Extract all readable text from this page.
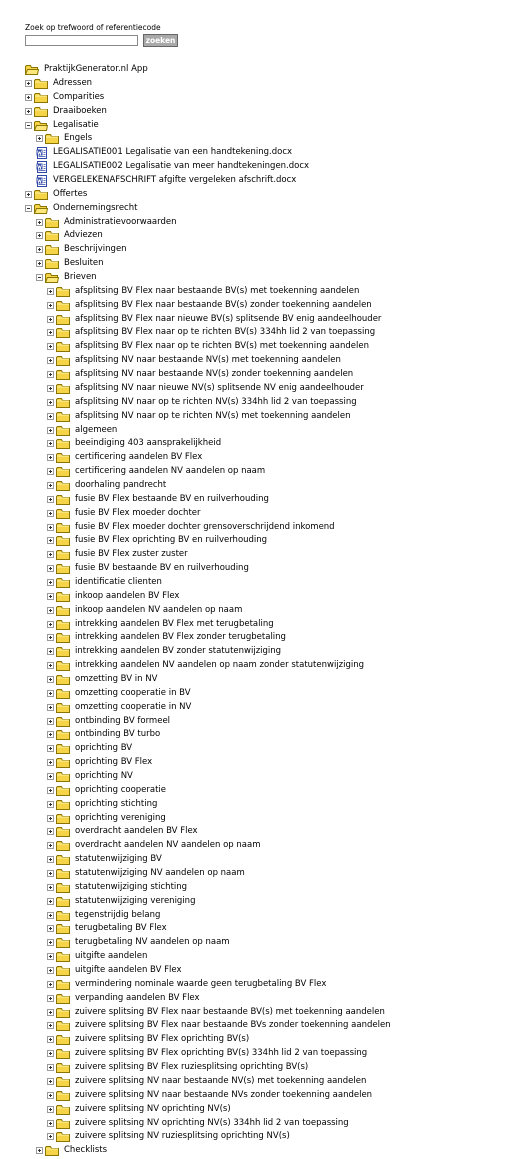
Zoek op trefwoord of referentiecode
zoeken
PraktijkGenerator.nl App
Adressen
Comparities
Draaiboeken
Legalisatie
Engels
LEGALISATIE001 Legalisatie van een handtekening.docx
LEGALISATIE002 Legalisatie van meer handtekeningen.docx
VERGELEKENAFSCHRIFT afgifte vergeleken afschrift.docx
Offertes
Ondernemingsrecht
Administratievoorwaarden
Adviezen
Beschrijvingen
Besluiten
Brieven
afsplitsing BV Flex naar bestaande BV(s) met toekenning aandelen
afsplitsing BV Flex naar bestaande BV(s) zonder toekenning aandelen
afsplitsing BV Flex naar nieuwe BV(s) splitsende BV enig aandeelhouder
afsplitsing BV Flex naar op te richten BV(s) 334hh lid 2 van toepassing
afsplitsing BV Flex naar op te richten BV(s) met toekenning aandelen
afsplitsing NV naar bestaande NV(s) met toekenning aandelen
afsplitsing NV naar bestaande NV(s) zonder toekenning aandelen
afsplitsing NV naar nieuwe NV(s) splitsende NV enig aandeelhouder
afsplitsing NV naar op te richten NV(s) 334hh lid 2 van toepassing
afsplitsing NV naar op te richten NV(s) met toekenning aandelen
algemeen
beeindiging 403 aansprakelijkheid
certificering aandelen BV Flex
certificering aandelen NV aandelen op naam
doorhaling pandrecht
fusie BV Flex bestaande BV en ruilverhouding
fusie BV Flex moeder dochter
fusie BV Flex moeder dochter grensoverschrijdend inkomend
fusie BV Flex oprichting BV en ruilverhouding
fusie BV Flex zuster zuster
fusie BV bestaande BV en ruilverhouding
identificatie clienten
inkoop aandelen BV Flex
inkoop aandelen NV aandelen op naam
intrekking aandelen BV Flex met terugbetaling
intrekking aandelen BV Flex zonder terugbetaling
intrekking aandelen BV zonder statutenwijziging
intrekking aandelen NV aandelen op naam zonder statutenwijziging
omzetting BV in NV
omzetting cooperatie in BV
omzetting cooperatie in NV
ontbinding BV formeel
ontbinding BV turbo
oprichting BV
oprichting BV Flex
oprichting NV
oprichting cooperatie
oprichting stichting
oprichting vereniging
overdracht aandelen BV Flex
overdracht aandelen NV aandelen op naam
statutenwijziging BV
statutenwijziging NV aandelen op naam
statutenwijziging stichting
statutenwijziging vereniging
tegenstrijdig belang
terugbetaling BV Flex
terugbetaling NV aandelen op naam
uitgifte aandelen
uitgifte aandelen BV Flex
vermindering nominale waarde geen terugbetaling BV Flex
verpanding aandelen BV Flex
zuivere splitsing BV Flex naar bestaande BV(s) met toekenning aandelen
zuivere splitsing BV Flex naar bestaande BVs zonder toekenning aandelen
zuivere splitsing BV Flex oprichting BV(s)
zuivere splitsing BV Flex oprichting BV(s) 334hh lid 2 van toepassing
zuivere splitsing BV Flex ruziesplitsing oprichting BV(s)
zuivere splitsing NV naar bestaande NV(s) met toekenning aandelen
zuivere splitsing NV naar bestaande NVs zonder toekenning aandelen
zuivere splitsing NV oprichting NV(s)
zuivere splitsing NV oprichting NV(s) 334hh lid 2 van toepassing
zuivere splitsing NV ruziesplitsing oprichting NV(s)
Checklists
